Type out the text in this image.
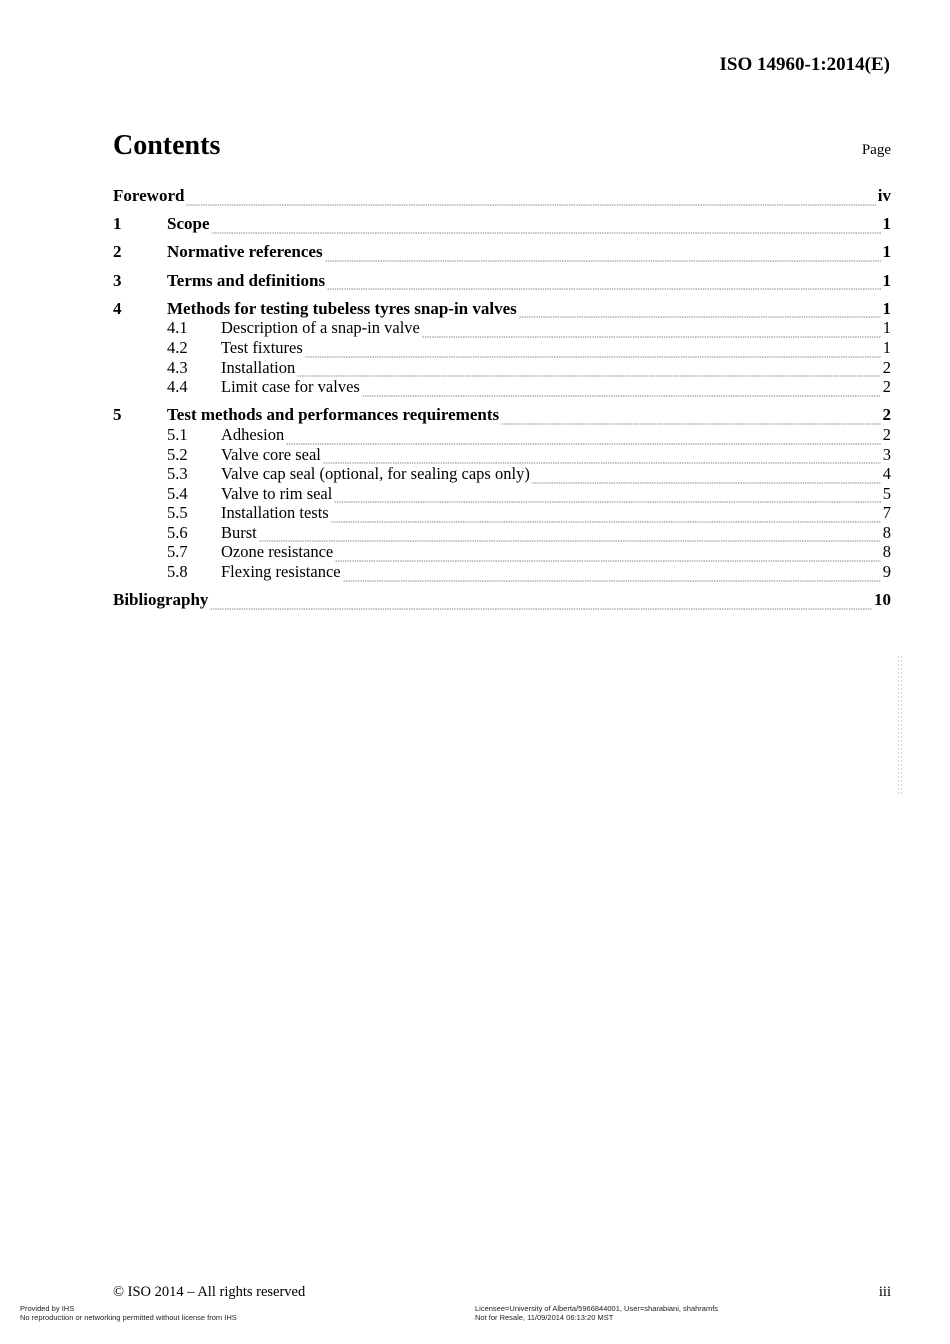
ISO 14960-1:2014(E)
Contents	Page
Foreword	iv
1	Scope	1
2	Normative references	1
3	Terms and definitions	1
4	Methods for testing tubeless tyres snap-in valves	1
4.1	Description of a snap-in valve	1
4.2	Test fixtures	1
4.3	Installation	2
4.4	Limit case for valves	2
5	Test methods and performances requirements	2
5.1	Adhesion	2
5.2	Valve core seal	3
5.3	Valve cap seal (optional, for sealing caps only)	4
5.4	Valve to rim seal	5
5.5	Installation tests	7
5.6	Burst	8
5.7	Ozone resistance	8
5.8	Flexing resistance	9
Bibliography	10
© ISO 2014 – All rights reserved	iii
Provided by IHS
No reproduction or networking permitted without license from IHS
Licensee=University of Alberta/5966844001, User=sharabiani, shahramfs
Not for Resale, 11/09/2014 06:13:20 MST
